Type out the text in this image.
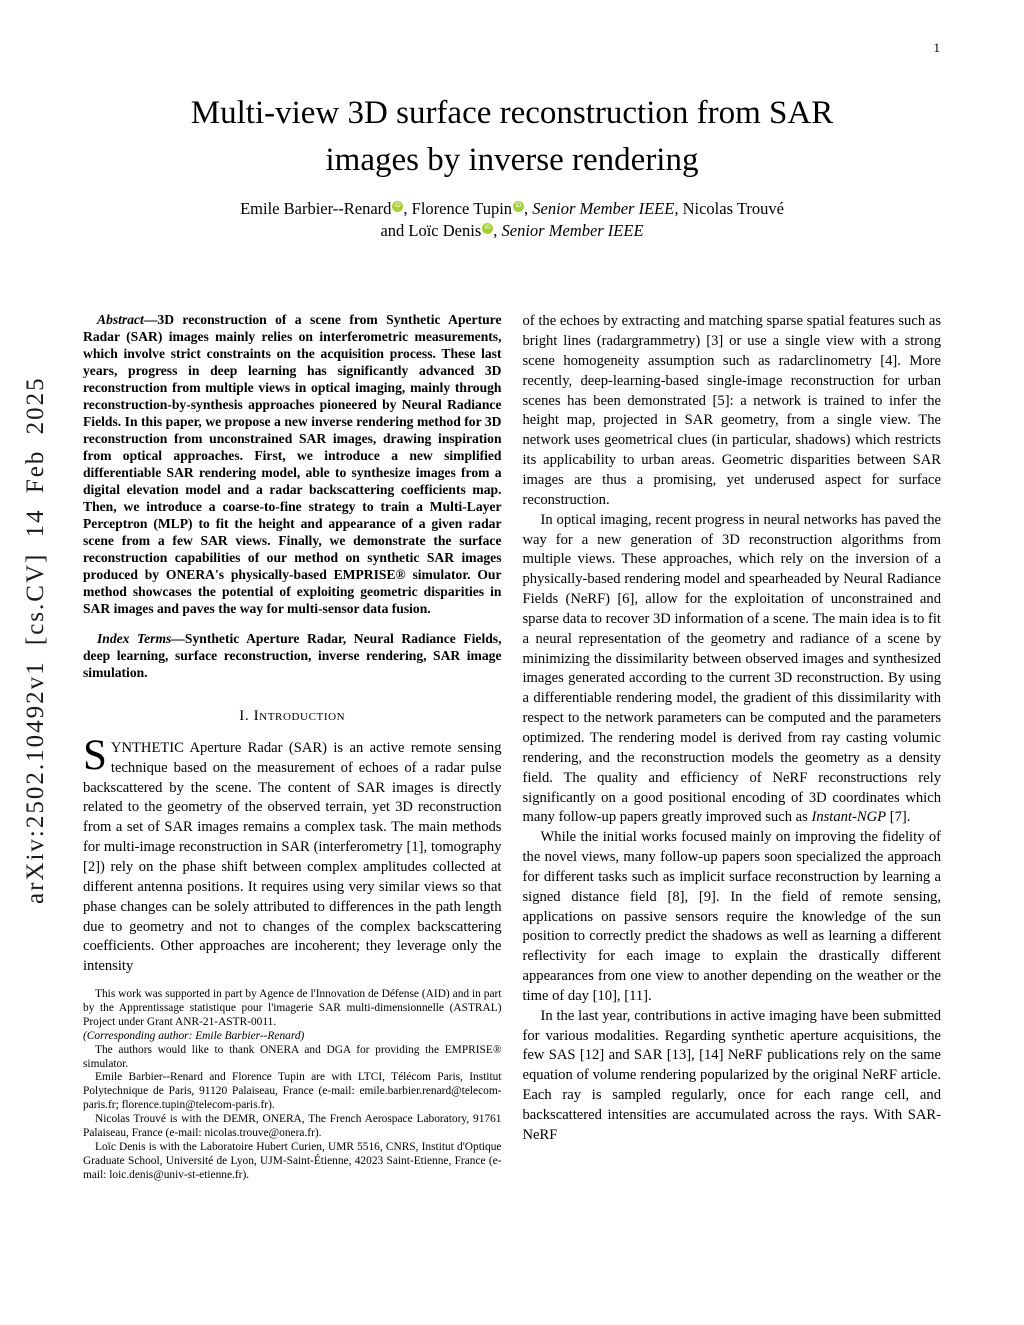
1
arXiv:2502.10492v1 [cs.CV] 14 Feb 2025
Multi-view 3D surface reconstruction from SAR
images by inverse rendering
Emile Barbier--Renard iD , Florence Tupin iD , Senior Member IEEE, Nicolas Trouvé
and Loïc Denis iD , Senior Member IEEE

Abstract—3D reconstruction of a scene from Synthetic Aperture Radar (SAR) images mainly relies on interferometric measurements, which involve strict constraints on the acquisition process. These last years, progress in deep learning has significantly advanced 3D reconstruction from multiple views in optical imaging, mainly through reconstruction-by-synthesis approaches pioneered by Neural Radiance Fields. In this paper, we propose a new inverse rendering method for 3D reconstruction from unconstrained SAR images, drawing inspiration from optical approaches. First, we introduce a new simplified differentiable SAR rendering model, able to synthesize images from a digital elevation model and a radar backscattering coefficients map. Then, we introduce a coarse-to-fine strategy to train a Multi-Layer Perceptron (MLP) to fit the height and appearance of a given radar scene from a few SAR views. Finally, we demonstrate the surface reconstruction capabilities of our method on synthetic SAR images produced by ONERA's physically-based EMPRISE® simulator. Our method showcases the potential of exploiting geometric disparities in SAR images and paves the way for multi-sensor data fusion.

Index Terms—Synthetic Aperture Radar, Neural Radiance Fields, deep learning, surface reconstruction, inverse rendering, SAR image simulation.

I. Introduction

SYNTHETIC Aperture Radar (SAR) is an active remote sensing technique based on the measurement of echoes of a radar pulse backscattered by the scene. The content of SAR images is directly related to the geometry of the observed terrain, yet 3D reconstruction from a set of SAR images remains a complex task. The main methods for multi-image reconstruction in SAR (interferometry [1], tomography [2]) rely on the phase shift between complex amplitudes collected at different antenna positions. It requires using very similar views so that phase changes can be solely attributed to differences in the path length due to geometry and not to changes of the complex backscattering coefficients. Other approaches are incoherent; they leverage only the intensity

This work was supported in part by Agence de l'Innovation de Défense (AID) and in part by the Apprentissage statistique pour l'imagerie SAR multi-dimensionnelle (ASTRAL) Project under Grant ANR-21-ASTR-0011.
(Corresponding author: Emile Barbier--Renard)

The authors would like to thank ONERA and DGA for providing the EMPRISE® simulator.

Emile Barbier--Renard and Florence Tupin are with LTCI, Télécom Paris, Institut Polytechnique de Paris, 91120 Palaiseau, France (e-mail: emile.barbier.renard@telecom-paris.fr; florence.tupin@telecom-paris.fr).

Nicolas Trouvé is with the DEMR, ONERA, The French Aerospace Laboratory, 91761 Palaiseau, France (e-mail: nicolas.trouve@onera.fr).

Loïc Denis is with the Laboratoire Hubert Curien, UMR 5516, CNRS, Institut d'Optique Graduate School, Université de Lyon, UJM-Saint-Étienne, 42023 Saint-Etienne, France (e-mail: loic.denis@univ-st-etienne.fr).

of the echoes by extracting and matching sparse spatial features such as bright lines (radargrammetry) [3] or use a single view with a strong scene homogeneity assumption such as radarclinometry [4]. More recently, deep-learning-based single-image reconstruction for urban scenes has been demonstrated [5]: a network is trained to infer the height map, projected in SAR geometry, from a single view. The network uses geometrical clues (in particular, shadows) which restricts its applicability to urban areas. Geometric disparities between SAR images are thus a promising, yet underused aspect for surface reconstruction.

In optical imaging, recent progress in neural networks has paved the way for a new generation of 3D reconstruction algorithms from multiple views. These approaches, which rely on the inversion of a physically-based rendering model and spearheaded by Neural Radiance Fields (NeRF) [6], allow for the exploitation of unconstrained and sparse data to recover 3D information of a scene. The main idea is to fit a neural representation of the geometry and radiance of a scene by minimizing the dissimilarity between observed images and synthesized images generated according to the current 3D reconstruction. By using a differentiable rendering model, the gradient of this dissimilarity with respect to the network parameters can be computed and the parameters optimized. The rendering model is derived from ray casting volumic rendering, and the reconstruction models the geometry as a density field. The quality and efficiency of NeRF reconstructions rely significantly on a good positional encoding of 3D coordinates which many follow-up papers greatly improved such as Instant-NGP [7].

While the initial works focused mainly on improving the fidelity of the novel views, many follow-up papers soon specialized the approach for different tasks such as implicit surface reconstruction by learning a signed distance field [8], [9]. In the field of remote sensing, applications on passive sensors require the knowledge of the sun position to correctly predict the shadows as well as learning a different reflectivity for each image to explain the drastically different appearances from one view to another depending on the weather or the time of day [10], [11].

In the last year, contributions in active imaging have been submitted for various modalities. Regarding synthetic aperture acquisitions, the few SAS [12] and SAR [13], [14] NeRF publications rely on the same equation of volume rendering popularized by the original NeRF article. Each ray is sampled regularly, once for each range cell, and backscattered intensities are accumulated across the rays. With SAR-NeRF
